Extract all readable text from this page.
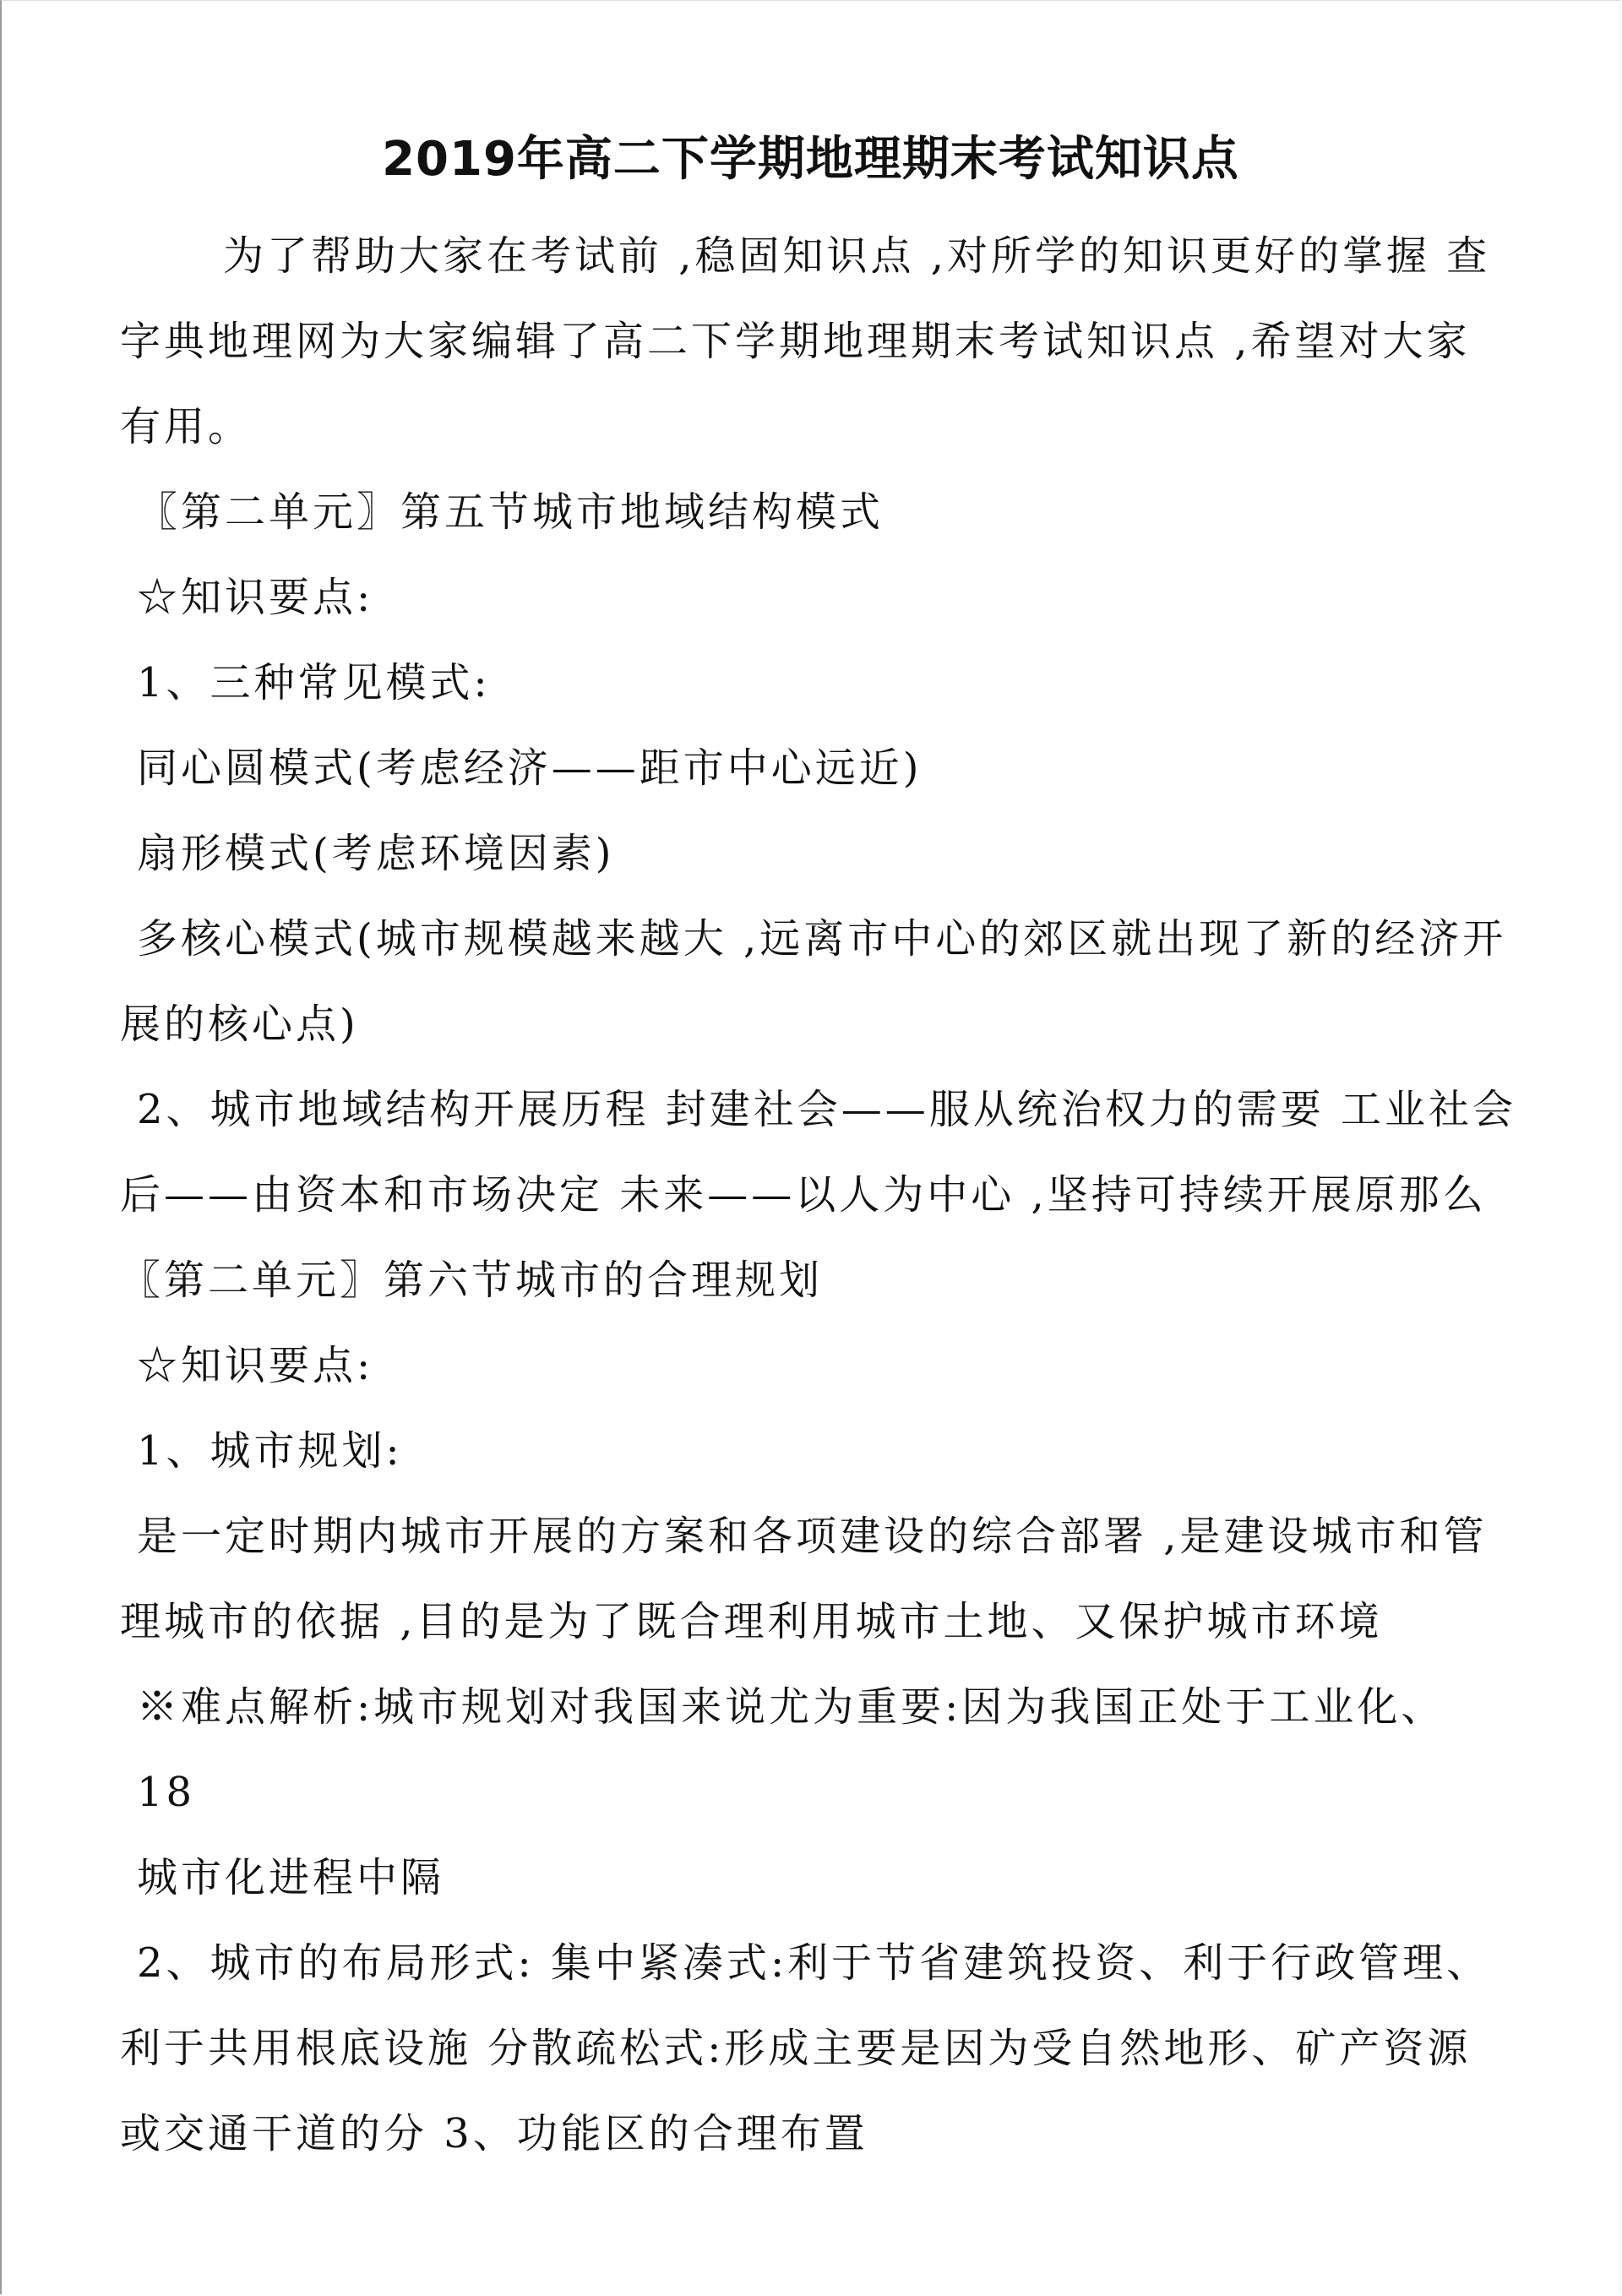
2019年高二下学期地理期末考试知识点
为了帮助大家在考试前 ,稳固知识点 ,对所学的知识更好的掌握 查
字典地理网为大家编辑了高二下学期地理期末考试知识点 ,希望对大家
有用。
〖第二单元〗第五节城市地域结构模式
☆知识要点:
1、三种常见模式:
同心圆模式(考虑经济——距市中心远近)
扇形模式(考虑环境因素)
多核心模式(城市规模越来越大 ,远离市中心的郊区就出现了新的经济开
展的核心点)
2、城市地域结构开展历程 封建社会——服从统治权力的需要 工业社会
后——由资本和市场决定 未来——以人为中心 ,坚持可持续开展原那么
〖第二单元〗第六节城市的合理规划
☆知识要点:
1、城市规划:
是一定时期内城市开展的方案和各项建设的综合部署 ,是建设城市和管
理城市的依据 ,目的是为了既合理利用城市土地、又保护城市环境
※难点解析:城市规划对我国来说尤为重要:因为我国正处于工业化、
18
城市化进程中隔
2、城市的布局形式: 集中紧凑式:利于节省建筑投资、利于行政管理、
利于共用根底设施 分散疏松式:形成主要是因为受自然地形、矿产资源
或交通干道的分 3、功能区的合理布置
